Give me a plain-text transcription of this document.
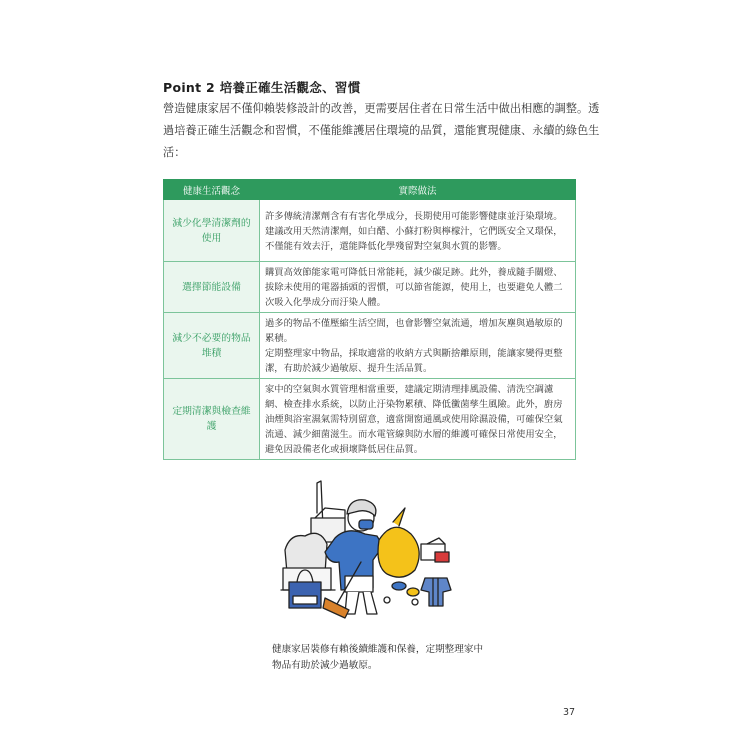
Point 2 培養正確生活觀念、習慣
營造健康家居不僅仰賴裝修設計的改善，更需要居住者在日常生活中做出相應的調整。透過培養正確生活觀念和習慣，不僅能維護居住環境的品質，還能實現健康、永續的綠色生活：
健康生活觀念	實際做法
減少化學清潔劑的使用	許多傳統清潔劑含有有害化學成分，長期使用可能影響健康並汙染環境。
建議改用天然清潔劑，如白醋、小蘇打粉與檸檬汁，它們既安全又環保，不僅能有效去汙，還能降低化學殘留對空氣與水質的影響。
選擇節能設備	購買高效節能家電可降低日常能耗，減少碳足跡。此外，養成隨手關燈、拔除未使用的電器插頭的習慣，可以節省能源，使用上，也要避免人體二次吸入化學成分而汙染人體。
減少不必要的物品堆積	過多的物品不僅壓縮生活空間，也會影響空氣流通，增加灰塵與過敏原的累積。
定期整理家中物品，採取適當的收納方式與斷捨離原則，能讓家變得更整潔，有助於減少過敏原、提升生活品質。
定期清潔與檢查維護	家中的空氣與水質管理相當重要，建議定期清理排風設備、清洗空調濾網、檢查排水系統，以防止汙染物累積、降低黴菌孳生風險。此外，廚房油煙與浴室濕氣需特別留意，適當開窗通風或使用除濕設備，可確保空氣流通、減少細菌滋生。而水電管線與防水層的維護可確保日常使用安全，避免因設備老化或損壞降低居住品質。
健康家居裝修有賴後續維護和保養，定期整理家中物品有助於減少過敏原。
37
